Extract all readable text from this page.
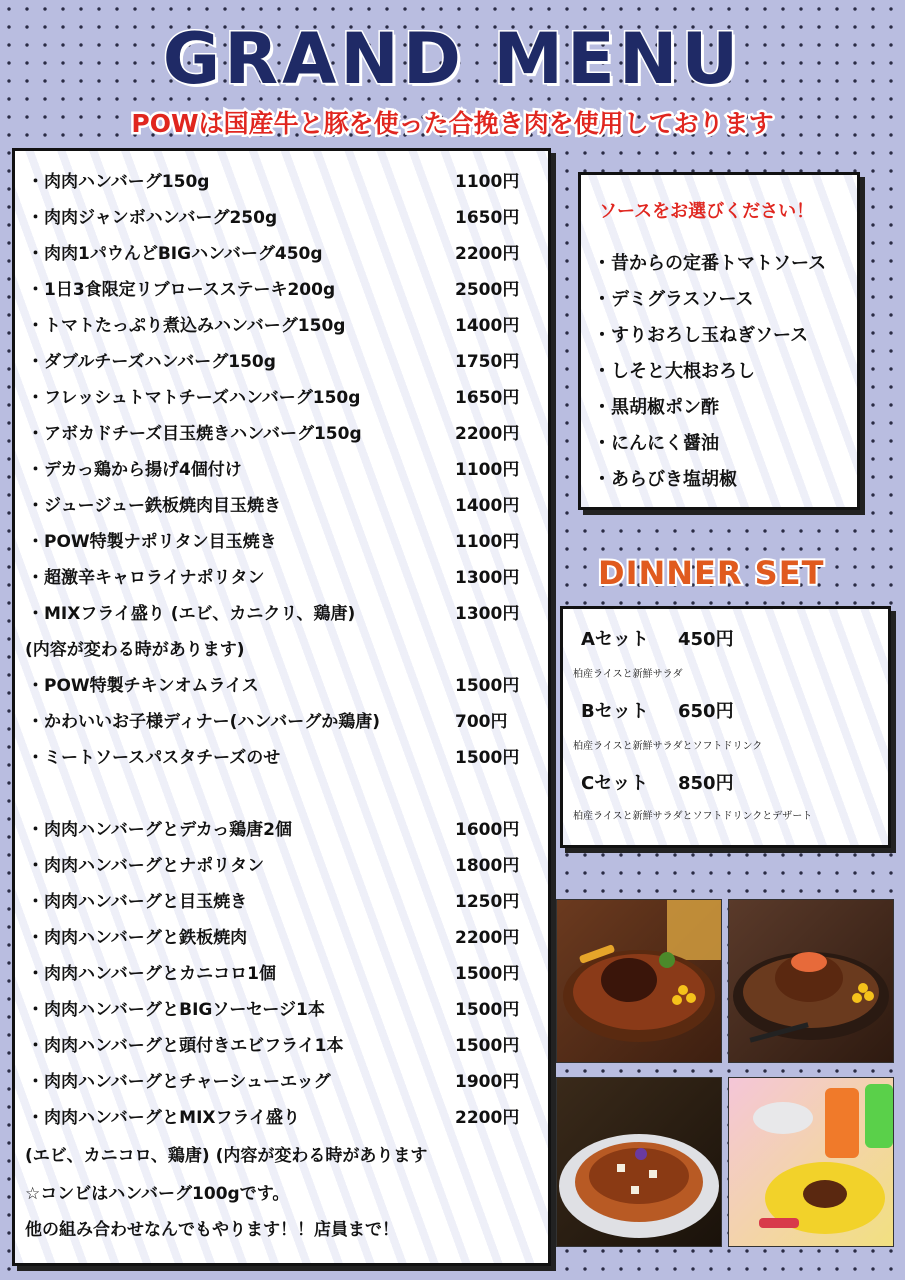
GRAND MENU
POWは国産牛と豚を使った合挽き肉を使用しております
・肉肉ハンバーグ150g	1100円
・肉肉ジャンボハンバーグ250g	1650円
・肉肉1パウんどBIGハンバーグ450g	2200円
・1日3食限定リブロースステーキ200g	2500円
・トマトたっぷり煮込みハンバーグ150g	1400円
・ダブルチーズハンバーグ150g	1750円
・フレッシュトマトチーズハンバーグ150g	1650円
・アボカドチーズ目玉焼きハンバーグ150g	2200円
・デカっ鶏から揚げ4個付け	1100円
・ジュージュー鉄板焼肉目玉焼き	1400円
・POW特製ナポリタン目玉焼き	1100円
・超激辛キャロライナポリタン	1300円
・MIXフライ盛り (エビ、カニクリ、鶏唐)	1300円
(内容が変わる時があります)
・POW特製チキンオムライス	1500円
・かわいいお子様ディナー(ハンバーグか鶏唐)	700円
・ミートソースパスタチーズのせ	1500円
・肉肉ハンバーグとデカっ鶏唐2個	1600円
・肉肉ハンバーグとナポリタン	1800円
・肉肉ハンバーグと目玉焼き	1250円
・肉肉ハンバーグと鉄板焼肉	2200円
・肉肉ハンバーグとカニコロ1個	1500円
・肉肉ハンバーグとBIGソーセージ1本	1500円
・肉肉ハンバーグと頭付きエビフライ1本	1500円
・肉肉ハンバーグとチャーシューエッグ	1900円
・肉肉ハンバーグとMIXフライ盛り	2200円
(エビ、カニコロ、鶏唐) (内容が変わる時があります
☆コンビはハンバーグ100gです。
他の組み合わせなんでもやります！！店員まで！
ソースをお選びください！
・昔からの定番トマトソース
・デミグラスソース
・すりおろし玉ねぎソース
・しそと大根おろし
・黒胡椒ポン酢
・にんにく醤油
・あらびき塩胡椒
DINNER SET
Aセット 450円
柏産ライスと新鮮サラダ
Bセット 650円
柏産ライスと新鮮サラダとソフトドリンク
Cセット 850円
柏産ライスと新鮮サラダとソフトドリンクとデザート
